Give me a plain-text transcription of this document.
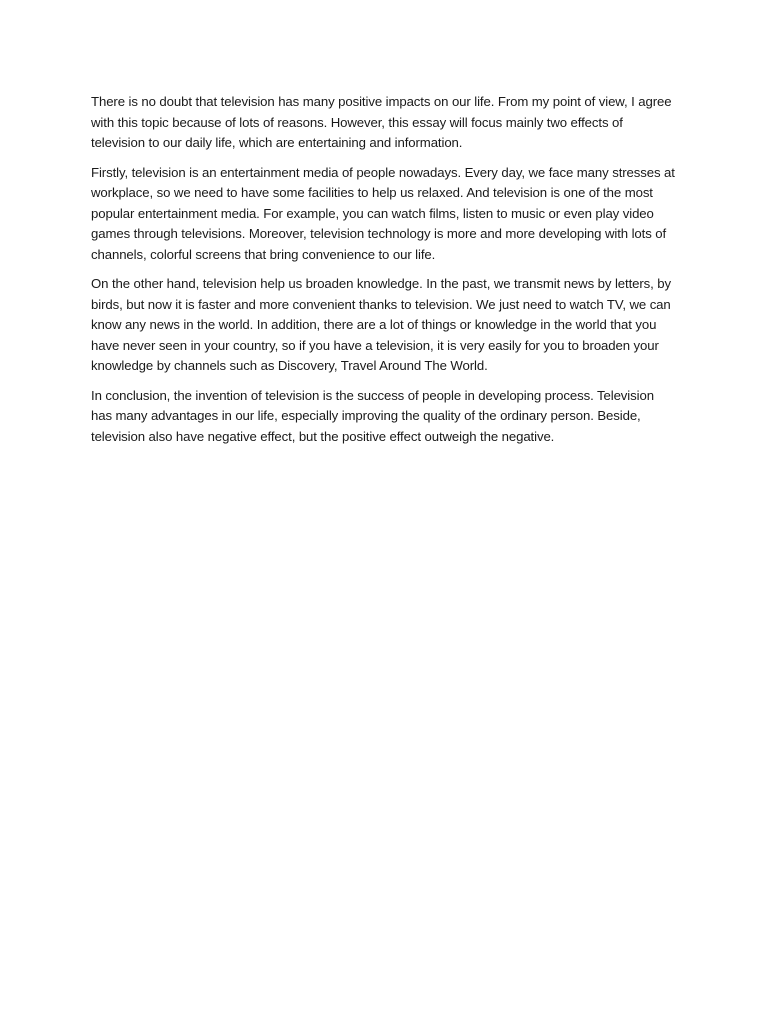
There is no doubt that television has many positive impacts on our life. From my point of view, I agree with this topic because of lots of reasons. However, this essay will focus mainly two effects of television to our daily life, which are entertaining and information.

Firstly, television is an entertainment media of people nowadays. Every day, we face many stresses at workplace, so we need to have some facilities to help us relaxed. And television is one of the most popular entertainment media. For example, you can watch films, listen to music or even play video games through televisions. Moreover, television technology is more and more developing with lots of channels, colorful screens that bring convenience to our life.

On the other hand, television help us broaden knowledge. In the past, we transmit news by letters, by birds, but now it is faster and more convenient thanks to television. We just need to watch TV, we can know any news in the world. In addition, there are a lot of things or knowledge in the world that you have never seen in your country, so if you have a television, it is very easily for you to broaden your knowledge by channels such as Discovery, Travel Around The World.

In conclusion, the invention of television is the success of people in developing process. Television has many advantages in our life, especially improving the quality of the ordinary person. Beside, television also have negative effect, but the positive effect outweigh the negative.
